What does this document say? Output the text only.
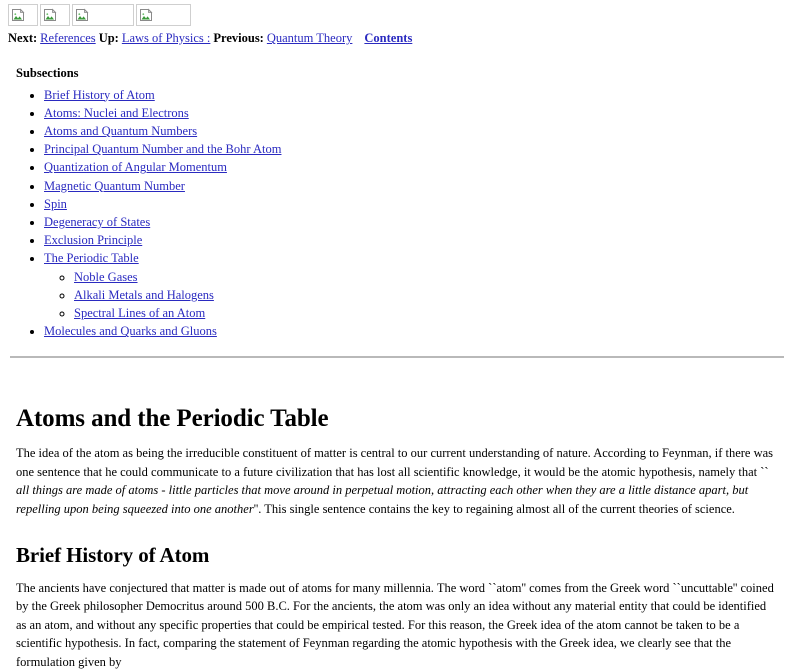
Next: References Up: Laws of Physics : Previous: Quantum Theory Contents
Subsections
• Brief History of Atom
• Atoms: Nuclei and Electrons
• Atoms and Quantum Numbers
• Principal Quantum Number and the Bohr Atom
• Quantization of Angular Momentum
• Magnetic Quantum Number
• Spin
• Degeneracy of States
• Exclusion Principle
• The Periodic Table
◦ Noble Gases
◦ Alkali Metals and Halogens
◦ Spectral Lines of an Atom
• Molecules and Quarks and Gluons
Atoms and the Periodic Table

The idea of the atom as being the irreducible constituent of matter is central to our current understanding of nature. According to Feynman, if there was one sentence that he could communicate to a future civilization that has lost all scientific knowledge, it would be the atomic hypothesis, namely that `` all things are made of atoms - little particles that move around in perpetual motion, attracting each other when they are a little distance apart, but repelling upon being squeezed into one another''. This single sentence contains the key to regaining almost all of the current theories of science.

Brief History of Atom

The ancients have conjectured that matter is made out of atoms for many millennia. The word ``atom'' comes from the Greek word ``uncuttable'' coined by the Greek philosopher Democritus around 500 B.C. For the ancients, the atom was only an idea without any material entity that could be identified as an atom, and without any specific properties that could be empirical tested. For this reason, the Greek idea of the atom cannot be taken to be a scientific hypothesis. In fact, comparing the statement of Feynman regarding the atomic hypothesis with the Greek idea, we clearly see that the formulation given by
